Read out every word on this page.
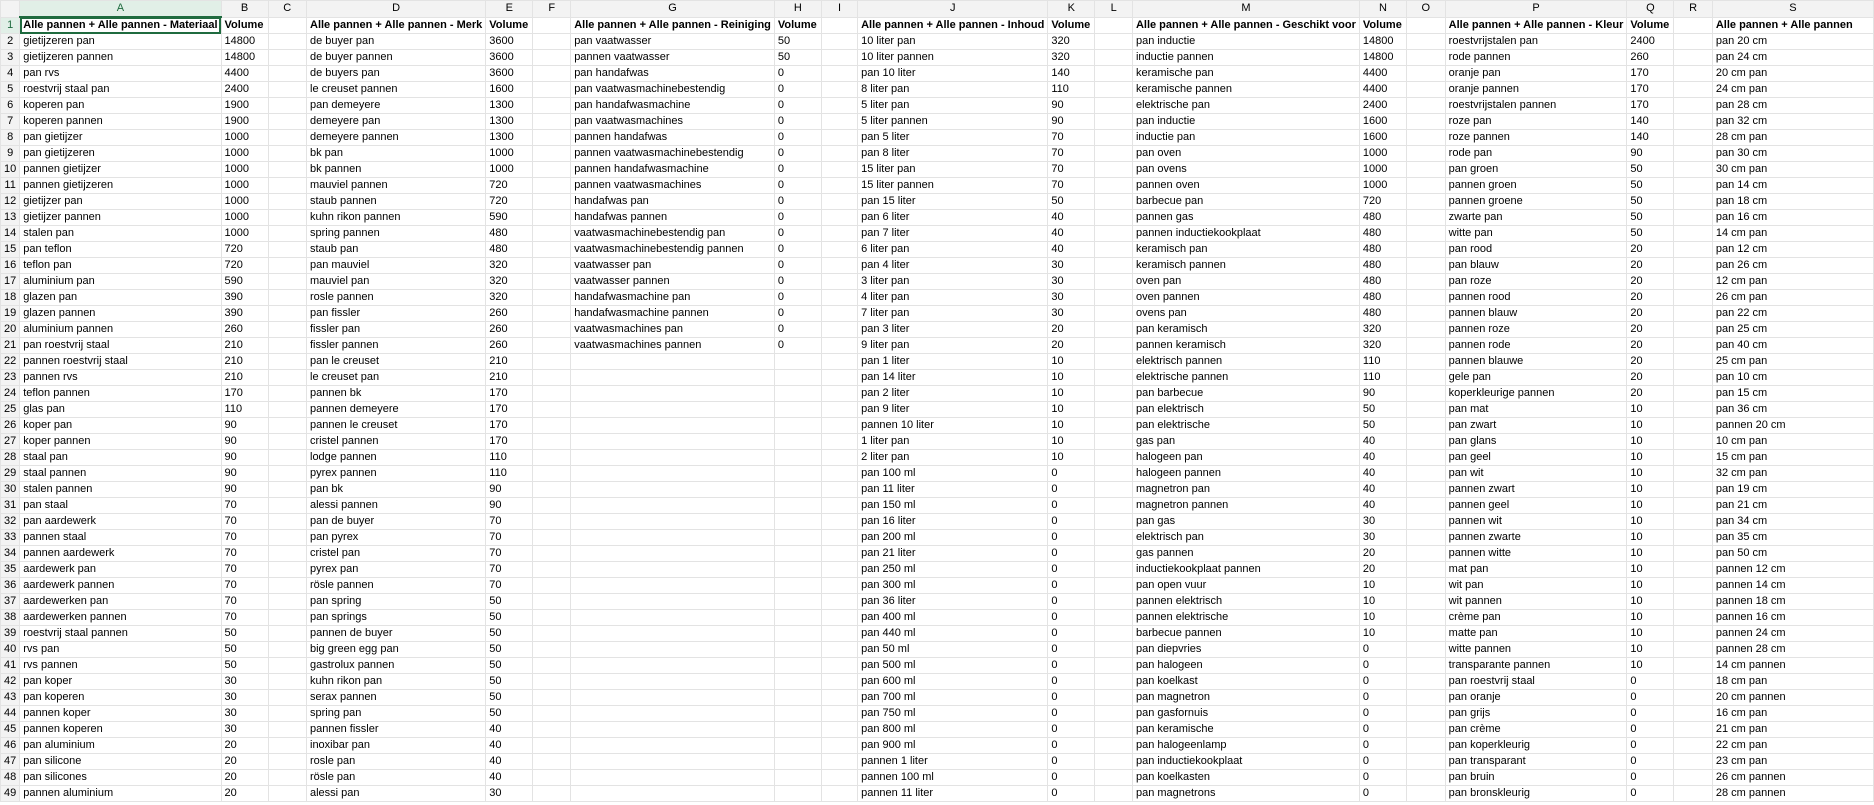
	A	B	C	D	E	F	G	H	I	J	K	L	M	N	O	P	Q	R	S
1	Alle pannen + Alle pannen - Materiaal	Volume		Alle pannen + Alle pannen - Merk	Volume		Alle pannen + Alle pannen - Reiniging	Volume		Alle pannen + Alle pannen - Inhoud	Volume		Alle pannen + Alle pannen - Geschikt voor	Volume		Alle pannen + Alle pannen - Kleur	Volume		Alle pannen + Alle pannen
2	gietijzeren pan	14800		de buyer pan	3600		pan vaatwasser	50		10 liter pan	320		pan inductie	14800		roestvrijstalen pan	2400		pan 20 cm
3	gietijzeren pannen	14800		de buyer pannen	3600		pannen vaatwasser	50		10 liter pannen	320		inductie pannen	14800		rode pannen	260		pan 24 cm
4	pan rvs	4400		de buyers pan	3600		pan handafwas	0		pan 10 liter	140		keramische pan	4400		oranje pan	170		20 cm pan
5	roestvrij staal pan	2400		le creuset pannen	1600		pan vaatwasmachinebestendig	0		8 liter pan	110		keramische pannen	4400		oranje pannen	170		24 cm pan
6	koperen pan	1900		pan demeyere	1300		pan handafwasmachine	0		5 liter pan	90		elektrische pan	2400		roestvrijstalen pannen	170		pan 28 cm
7	koperen pannen	1900		demeyere pan	1300		pan vaatwasmachines	0		5 liter pannen	90		pan inductie	1600		roze pan	140		pan 32 cm
8	pan gietijzer	1000		demeyere pannen	1300		pannen handafwas	0		pan 5 liter	70		inductie pan	1600		roze pannen	140		28 cm pan
9	pan gietijzeren	1000		bk pan	1000		pannen vaatwasmachinebestendig	0		pan 8 liter	70		pan oven	1000		rode pan	90		pan 30 cm
10	pannen gietijzer	1000		bk pannen	1000		pannen handafwasmachine	0		15 liter pan	70		pan ovens	1000		pan groen	50		30 cm pan
11	pannen gietijzeren	1000		mauviel pannen	720		pannen vaatwasmachines	0		15 liter pannen	70		pannen oven	1000		pannen groen	50		pan 14 cm
12	gietijzer pan	1000		staub pannen	720		handafwas pan	0		pan 15 liter	50		barbecue pan	720		pannen groene	50		pan 18 cm
13	gietijzer pannen	1000		kuhn rikon pannen	590		handafwas pannen	0		pan 6 liter	40		pannen gas	480		zwarte pan	50		pan 16 cm
14	stalen pan	1000		spring pannen	480		vaatwasmachinebestendig pan	0		pan 7 liter	40		pannen inductiekookplaat	480		witte pan	50		14 cm pan
15	pan teflon	720		staub pan	480		vaatwasmachinebestendig pannen	0		6 liter pan	40		keramisch pan	480		pan rood	20		pan 12 cm
16	teflon pan	720		pan mauviel	320		vaatwasser pan	0		pan 4 liter	30		keramisch pannen	480		pan blauw	20		pan 26 cm
17	aluminium pan	590		mauviel pan	320		vaatwasser pannen	0		3 liter pan	30		oven pan	480		pan roze	20		12 cm pan
18	glazen pan	390		rosle pannen	320		handafwasmachine pan	0		4 liter pan	30		oven pannen	480		pannen rood	20		26 cm pan
19	glazen pannen	390		pan fissler	260		handafwasmachine pannen	0		7 liter pan	30		ovens pan	480		pannen blauw	20		pan 22 cm
20	aluminium pannen	260		fissler pan	260		vaatwasmachines pan	0		pan 3 liter	20		pan keramisch	320		pannen roze	20		pan 25 cm
21	pan roestvrij staal	210		fissler pannen	260		vaatwasmachines pannen	0		9 liter pan	20		pannen keramisch	320		pannen rode	20		pan 40 cm
22	pannen roestvrij staal	210		pan le creuset	210					pan 1 liter	10		elektrisch pannen	110		pannen blauwe	20		25 cm pan
23	pannen rvs	210		le creuset pan	210					pan 14 liter	10		elektrische pannen	110		gele pan	20		pan 10 cm
24	teflon pannen	170		pannen bk	170					pan 2 liter	10		pan barbecue	90		koperkleurige pannen	20		pan 15 cm
25	glas pan	110		pannen demeyere	170					pan 9 liter	10		pan elektrisch	50		pan mat	10		pan 36 cm
26	koper pan	90		pannen le creuset	170					pannen 10 liter	10		pan elektrische	50		pan zwart	10		pannen 20 cm
27	koper pannen	90		cristel pannen	170					1 liter pan	10		gas pan	40		pan glans	10		10 cm pan
28	staal pan	90		lodge pannen	110					2 liter pan	10		halogeen pan	40		pan geel	10		15 cm pan
29	staal pannen	90		pyrex pannen	110					pan 100 ml	0		halogeen pannen	40		pan wit	10		32 cm pan
30	stalen pannen	90		pan bk	90					pan 11 liter	0		magnetron pan	40		pannen zwart	10		pan 19 cm
31	pan staal	70		alessi pannen	90					pan 150 ml	0		magnetron pannen	40		pannen geel	10		pan 21 cm
32	pan aardewerk	70		pan de buyer	70					pan 16 liter	0		pan gas	30		pannen wit	10		pan 34 cm
33	pannen staal	70		pan pyrex	70					pan 200 ml	0		elektrisch pan	30		pannen zwarte	10		pan 35 cm
34	pannen aardewerk	70		cristel pan	70					pan 21 liter	0		gas pannen	20		pannen witte	10		pan 50 cm
35	aardewerk pan	70		pyrex pan	70					pan 250 ml	0		inductiekookplaat pannen	20		mat pan	10		pannen 12 cm
36	aardewerk pannen	70		rösle pannen	70					pan 300 ml	0		pan open vuur	10		wit pan	10		pannen 14 cm
37	aardewerken pan	70		pan spring	50					pan 36 liter	0		pannen elektrisch	10		wit pannen	10		pannen 18 cm
38	aardewerken pannen	70		pan springs	50					pan 400 ml	0		pannen elektrische	10		crème pan	10		pannen 16 cm
39	roestvrij staal pannen	50		pannen de buyer	50					pan 440 ml	0		barbecue pannen	10		matte pan	10		pannen 24 cm
40	rvs pan	50		big green egg pan	50					pan 50 ml	0		pan diepvries	0		witte pannen	10		pannen 28 cm
41	rvs pannen	50		gastrolux pannen	50					pan 500 ml	0		pan halogeen	0		transparante pannen	10		14 cm pannen
42	pan koper	30		kuhn rikon pan	50					pan 600 ml	0		pan koelkast	0		pan roestvrij staal	0		18 cm pan
43	pan koperen	30		serax pannen	50					pan 700 ml	0		pan magnetron	0		pan oranje	0		20 cm pannen
44	pannen koper	30		spring pan	50					pan 750 ml	0		pan gasfornuis	0		pan grijs	0		16 cm pan
45	pannen koperen	30		pannen fissler	40					pan 800 ml	0		pan keramische	0		pan crème	0		21 cm pan
46	pan aluminium	20		inoxibar pan	40					pan 900 ml	0		pan halogeenlamp	0		pan koperkleurig	0		22 cm pan
47	pan silicone	20		rosle pan	40					pannen 1 liter	0		pan inductiekookplaat	0		pan transparant	0		23 cm pan
48	pan silicones	20		rösle pan	40					pannen 100 ml	0		pan koelkasten	0		pan bruin	0		26 cm pannen
49	pannen aluminium	20		alessi pan	30					pannen 11 liter	0		pan magnetrons	0		pan bronskleurig	0		28 cm pannen
